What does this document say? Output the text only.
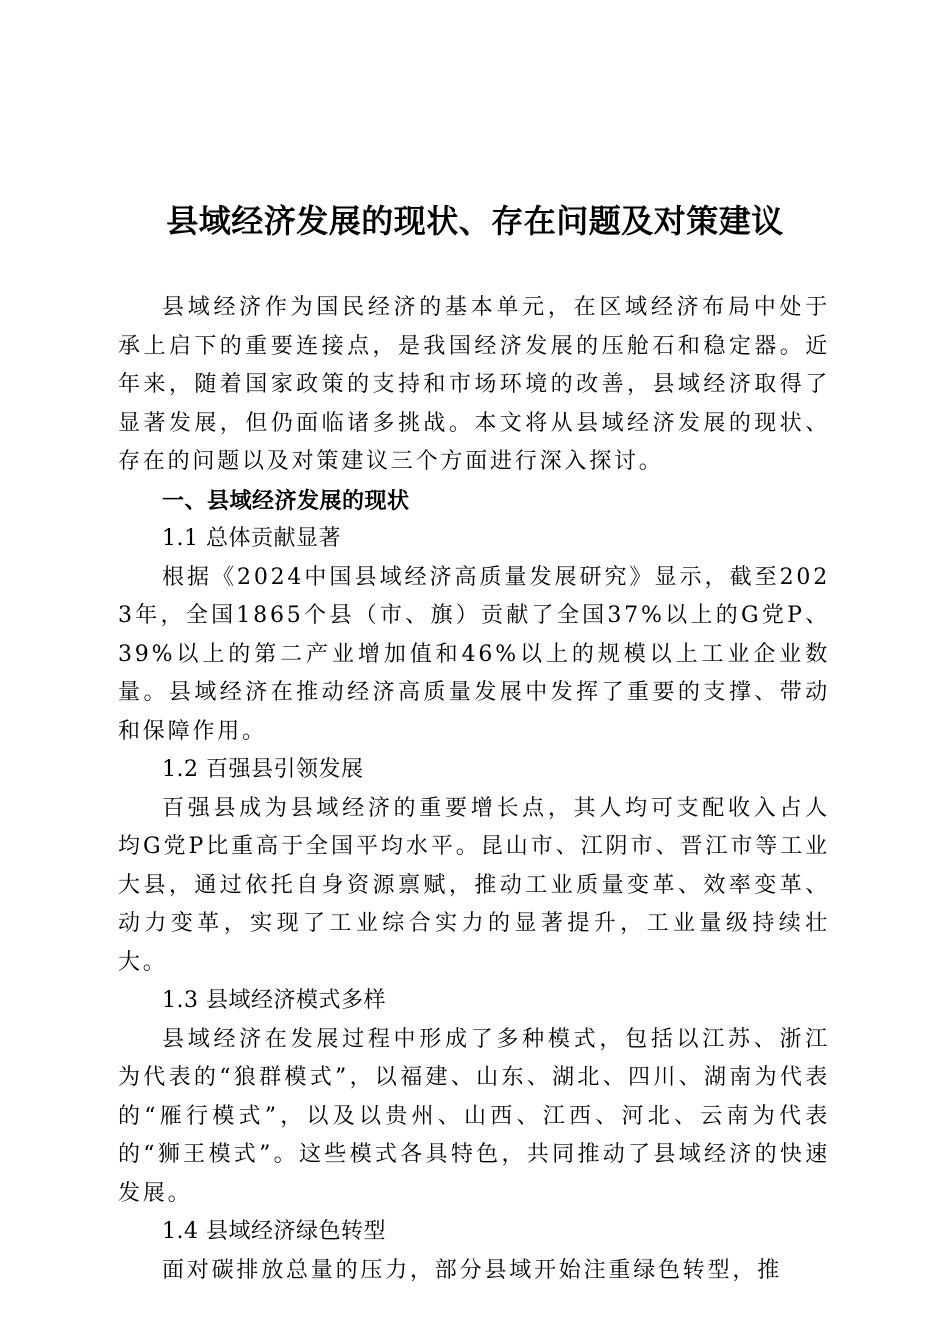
县域经济发展的现状、存在问题及对策建议

县域经济作为国民经济的基本单元，在区域经济布局中处于承上启下的重要连接点，是我国经济发展的压舱石和稳定器。近年来，随着国家政策的支持和市场环境的改善，县域经济取得了显著发展，但仍面临诸多挑战。本文将从县域经济发展的现状、存在的问题以及对策建议三个方面进行深入探讨。

一、县域经济发展的现状

1.1 总体贡献显著

根据《2024中国县域经济高质量发展研究》显示，截至2023年，全国1865个县（市、旗）贡献了全国37%以上的G党P、39%以上的第二产业增加值和46%以上的规模以上工业企业数量。县域经济在推动经济高质量发展中发挥了重要的支撑、带动和保障作用。

1.2 百强县引领发展

百强县成为县域经济的重要增长点，其人均可支配收入占人均G党P比重高于全国平均水平。昆山市、江阴市、晋江市等工业大县，通过依托自身资源禀赋，推动工业质量变革、效率变革、动力变革，实现了工业综合实力的显著提升，工业量级持续壮大。

1.3 县域经济模式多样

县域经济在发展过程中形成了多种模式，包括以江苏、浙江为代表的“狼群模式”，以福建、山东、湖北、四川、湖南为代表的“雁行模式”，以及以贵州、山西、江西、河北、云南为代表的“狮王模式”。这些模式各具特色，共同推动了县域经济的快速发展。

1.4 县域经济绿色转型

面对碳排放总量的压力，部分县域开始注重绿色转型，推
